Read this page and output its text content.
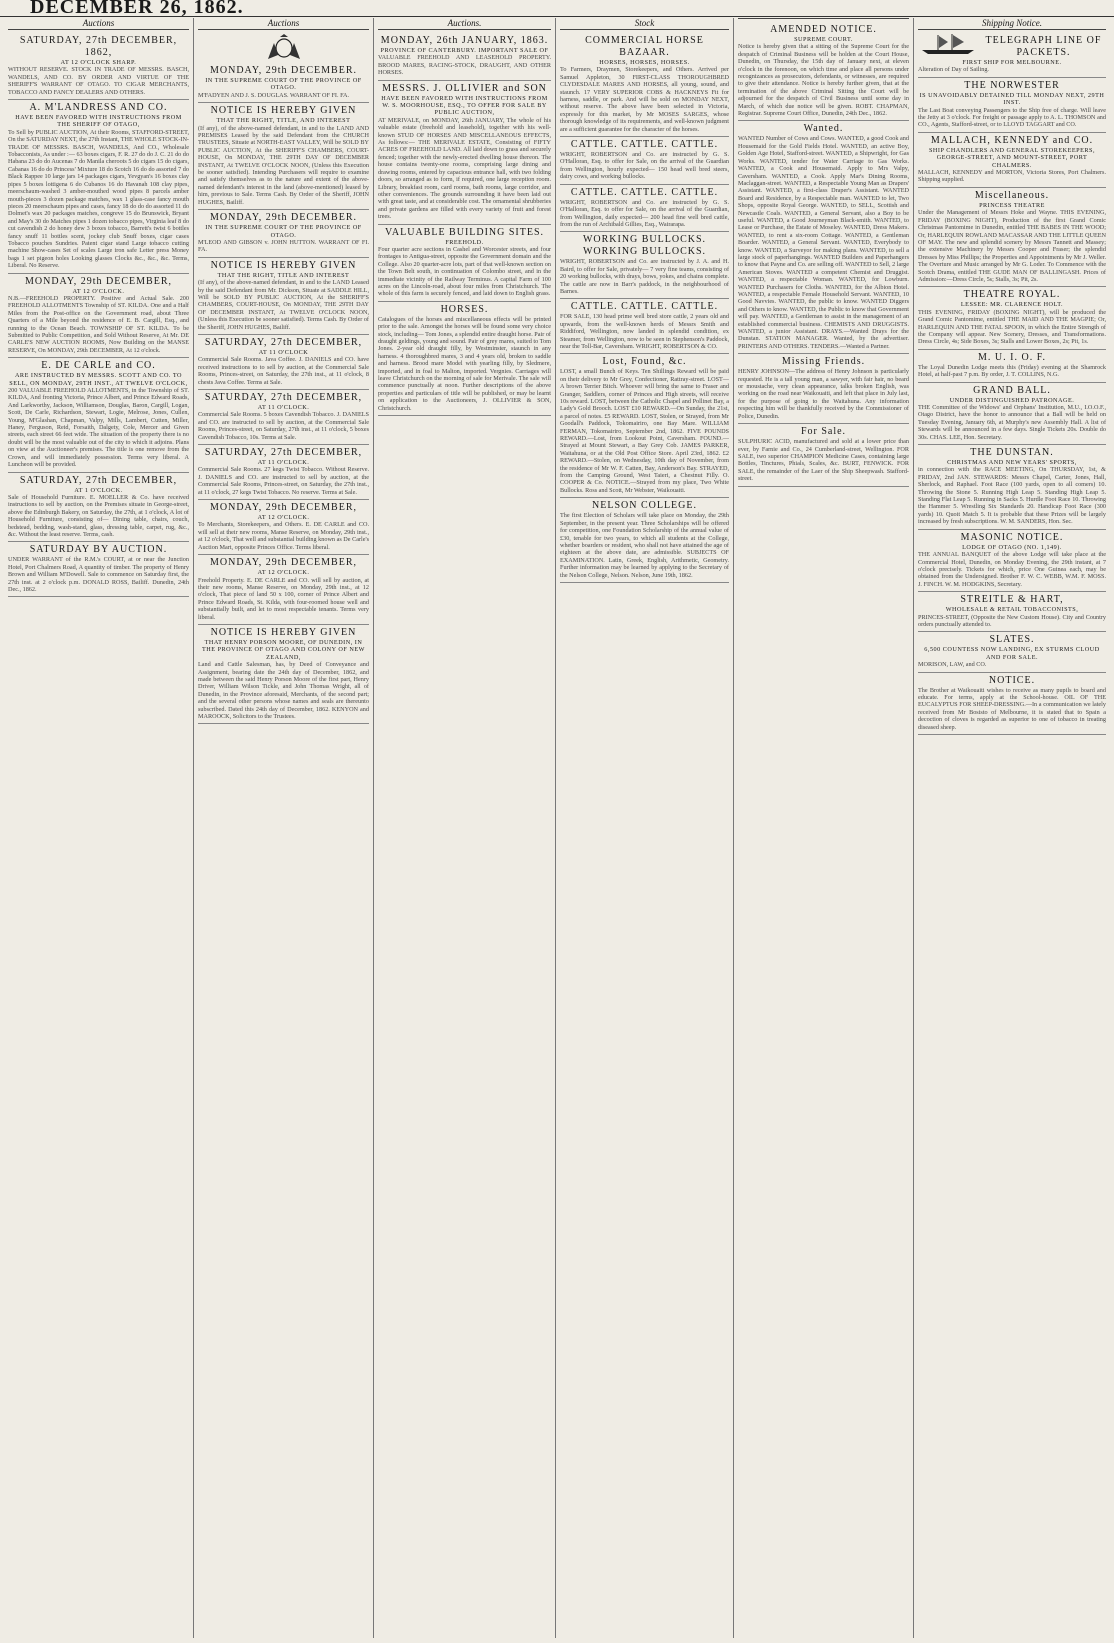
DECEMBER 26, 1862.
Auctions
SATURDAY, 27th DECEMBER, 1862,
AT 12 O'CLOCK SHARP.
WITHOUT RESERVE. STOCK IN TRADE OF MESSRS. BASCH, WANDELS, AND CO. BY ORDER AND VIRTUE OF THE SHERIFF'S WARRANT OF OTAGO. TO CIGAR MERCHANTS, TOBACCO AND FANCY DEALERS AND OTHERS.
A. M'LANDRESS AND CO.
HAVE BEEN FAVORED WITH INSTRUCTIONS FROM THE SHERIFF OF OTAGO,
To Sell by PUBLIC AUCTION, At their Rooms, STAFFORD-STREET, On the SATURDAY NEXT, the 27th Instant, THE WHOLE STOCK-IN-TRADE OF MESSRS. BASCH, WANDELS, And CO., Wholesale Tobacconists, As under :— 63 boxes cigars, F. R. 27 do do J. C. 21 do do Habana 23 do do Aucenas 7 do Manila cheroots 5 do cigars 15 do cigars, Cabanas 16 do do Princess' Mixture 18 do Scotch 16 do do assorted 7 do Black Rappee 10 large jars 14 packages cigars, Yevgyan's 16 boxes clay pipes 5 boxes lottigena 6 do Cubanos 16 do Havanah 108 clay pipes, meerschaum-washed 3 amber-mouthed wood pipes 8 parcels amber mouth-pieces 3 dozen package matches, wax 1 glass-case fancy mouth pieces 20 meerschaum pipes and cases, fancy 18 do do do assorted 11 do Dolmet's wax 20 packages matches, congreve 15 do Brunswick, Bryant and May's 30 do Matches pipes 1 dozen tobacco pipes, Virginia leaf 8 do cut cavendish 2 do honey dew 3 boxes tobacco, Barrett's twist 6 bottles fancy snuff 11 bottles scent, jockey club Snuff boxes, cigar cases Tobacco pouches Sundries. Patent cigar stand Large tobacco cutting machine Show-cases Set of scales Large iron safe Letter press Money bags 1 set pigeon holes Looking glasses Clocks &c., &c., &c. Terms, Liberal. No Reserve.
MONDAY, 29th DECEMBER,
AT 12 O'CLOCK.
N.B.—FREEHOLD PROPERTY. Positive and Actual Sale. 200 FREEHOLD ALLOTMENTS Township of ST. KILDA. One and a Half Miles from the Post-office on the Government road, about Three Quarters of a Mile beyond the residence of E. B. Cargill, Esq., and running to the Ocean Beach. TOWNSHIP OF ST. KILDA. To be Submitted to Public Competition, and Sold Without Reserve, At Mr. DE CARLE'S NEW AUCTION ROOMS, Now Building on the MANSE RESERVE, On MONDAY, 29th DECEMBER, At 12 o'clock.
E. DE CARLE and CO.
ARE INSTRUCTED BY MESSRS. SCOTT AND CO. TO SELL, ON MONDAY, 29TH INST., AT TWELVE O'CLOCK,
200 VALUABLE FREEHOLD ALLOTMENTS, in the Township of ST. KILDA, And fronting Victoria, Prince Albert, and Prince Edward Roads, And Larkworthy, Jackson, Williamson, Douglas, Baron, Cargill, Logan, Scott, De Carle, Richardson, Stewart, Logie, Melrose, Jones, Cullen, Young, M'Glashan, Chapman, Valpy, Mills, Lambert, Cutten, Miller, Haney, Ferguson, Reid, Forsaith, Dalgety, Cole, Mercer and Given streets, each street 66 feet wide. The situation of the property there is no doubt will be the most valuable out of the city to which it adjoins. Plans on view at the Auctioneer's premises. The title is one remove from the Crown, and will immediately possession. Terms very liberal. A Luncheon will be provided.
SATURDAY, 27th DECEMBER,
AT 1 O'CLOCK.
Sale of Household Furniture. E. MOELLER & Co. have received instructions to sell by auction, on the Premises situate in George-street, above the Edinburgh Bakery, on Saturday, the 27th, at 1 o'clock, A lot of Household Furniture, consisting of— Dining table, chairs, couch, bedstead, bedding, wash-stand, glass, dressing table, carpet, rug, &c., &c. Without the least reserve. Terms, cash.
SATURDAY BY AUCTION.
UNDER WARRANT of the R.M.'s COURT, at or near the Junction Hotel, Port Chalmers Road, A quantity of timber. The property of Henry Brown and William M'Dowell. Sale to commence on Saturday first, the 27th inst. at 2 o'clock p.m. DONALD ROSS, Bailiff. Dunedin, 24th Dec., 1862.
Auctions
MONDAY, 29th DECEMBER.
IN THE SUPREME COURT OF THE PROVINCE OF OTAGO.
M'FADYEN AND J. S. DOUGLAS. WARRANT OF FI. FA.
NOTICE IS HEREBY GIVEN
THAT THE RIGHT, TITLE, AND INTEREST
(If any), of the above-named defendant, in and to the LAND AND PREMISES Leased by the said Defendant from the CHURCH TRUSTEES, Situate at NORTH-EAST VALLEY, Will be SOLD BY PUBLIC AUCTION, At the SHERIFF'S CHAMBERS, COURT-HOUSE, On MONDAY, THE 29TH DAY OF DECEMBER INSTANT, At TWELVE O'CLOCK NOON, (Unless this Execution be sooner satisfied). Intending Purchasers will require to examine and satisfy themselves as to the nature and extent of the above-named defendant's interest in the land (above-mentioned) leased by him, previous to Sale. Terms Cash. By Order of the Sheriff, JOHN HUGHES, Bailiff.
MONDAY, 29th DECEMBER.
IN THE SUPREME COURT OF THE PROVINCE OF OTAGO.
M'LEOD AND GIBSON v. JOHN HUTTON. WARRANT OF FI. FA.
NOTICE IS HEREBY GIVEN
THAT THE RIGHT, TITLE AND INTEREST
(If any), of the above-named defendant, in and to the LAND Leased by the said Defendant from Mr. Dickson, Situate at SADDLE HILL, Will be SOLD BY PUBLIC AUCTION, At the SHERIFF'S CHAMBERS, COURT-HOUSE, On MONDAY, THE 29TH DAY OF DECEMBER INSTANT, At TWELVE O'CLOCK NOON, (Unless this Execution be sooner satisfied). Terms Cash. By Order of the Sheriff, JOHN HUGHES, Bailiff.
SATURDAY, 27th DECEMBER,
AT 11 O'CLOCK
Commercial Sale Rooms. Java Coffee. J. DANIELS and CO. have received instructions to to sell by auction, at the Commercial Sale Rooms, Princes-street, on Saturday, the 27th inst., at 11 o'clock, 8 chests Java Coffee. Terms at Sale.
SATURDAY, 27th DECEMBER,
AT 11 O'CLOCK.
Commercial Sale Rooms. 5 boxes Cavendish Tobacco. J. DANIELS and CO. are instructed to sell by auction, at the Commercial Sale Rooms, Princes-street, on Saturday, 27th inst., at 11 o'clock, 5 boxes Cavendish Tobacco, 10s. Terms at Sale.
SATURDAY, 27th DECEMBER,
AT 11 O'CLOCK.
Commercial Sale Rooms. 27 kegs Twist Tobacco. Without Reserve. J. DANIELS and CO. are instructed to sell by auction, at the Commercial Sale Rooms, Princes-street, on Saturday, the 27th inst., at 11 o'clock, 27 kegs Twist Tobacco. No reserve. Terms at Sale.
MONDAY, 29th DECEMBER,
AT 12 O'CLOCK.
To Merchants, Storekeepers, and Others. E. DE CARLE and CO. will sell at their new rooms, Manse Reserve, on Monday, 29th inst., at 12 o'clock, That well and substantial building known as De Carle's Auction Mart, opposite Princes Office. Terms liberal.
MONDAY, 29th DECEMBER,
AT 12 O'CLOCK.
Freehold Property. E. DE CARLE and CO. will sell by auction, at their new rooms, Manse Reserve, on Monday, 29th inst., at 12 o'clock, That piece of land 50 x 100, corner of Prince Albert and Prince Edward Roads, St. Kilda, with four-roomed house well and substantially built, and let to most respectable tenants. Terms very liberal.
NOTICE IS HEREBY GIVEN
THAT HENRY PORSON MOORE, OF DUNEDIN, IN THE PROVINCE OF OTAGO AND COLONY OF NEW ZEALAND,
Land and Cattle Salesman, has, by Deed of Conveyance and Assignment, bearing date the 24th day of December, 1862, and made between the said Henry Porson Moore of the first part, Henry Driver, William Wilson Tickle, and John Thomas Wright, all of Dunedin, in the Province aforesaid, Merchants, of the second part; and the several other persons whose names and seals are thereunto subscribed. Dated this 24th day of December, 1862. KENYON and MAROOCK, Solicitors to the Trustees.
Auctions.
MONDAY, 26th JANUARY, 1863.
PROVINCE OF CANTERBURY. IMPORTANT SALE OF
VALUABLE FREEHOLD AND LEASEHOLD PROPERTY. BROOD MARES, RACING-STOCK, DRAUGHT, AND OTHER HORSES.
MESSRS. J. OLLIVIER and SON
HAVE BEEN FAVORED WITH INSTRUCTIONS FROM W. S. MOORHOUSE, ESQ., TO OFFER FOR SALE BY PUBLIC AUCTION,
AT MERIVALE, on MONDAY, 26th JANUARY, The whole of his valuable estate (freehold and leasehold), together with his well-known STUD OF HORSES AND MISCELLANEOUS EFFECTS, As follows:— THE MERIVALE ESTATE, Consisting of FIFTY ACRES OF FREEHOLD LAND. All laid down to grass and securely fenced; together with the newly-erected dwelling house thereon. The house contains twenty-one rooms, comprising large dining and drawing rooms, entered by capacious entrance hall, with two folding doors, so arranged as to form, if required, one large reception room. Library, breakfast room, card rooms, bath rooms, large corridor, and other conveniences. The grounds surrounding it have been laid out with great taste, and at considerable cost. The ornamental shrubberies and private gardens are filled with every variety of fruit and forest trees.
VALUABLE BUILDING SITES.
FREEHOLD.
Four quarter acre sections in Cashel and Worcester streets, and four frontages to Antigua-street, opposite the Government domain and the College. Also 20 quarter-acre lots, part of that well-known section on the Town Belt south, in continuation of Colombo street, and in the immediate vicinity of the Railway Terminus. A capital Farm of 100 acres on the Lincoln-road, about four miles from Christchurch. The whole of this farm is securely fenced, and laid down to English grass.
HORSES.
Catalogues of the horses and miscellaneous effects will be printed prior to the sale. Amongst the horses will be found some very choice stock, including— Tom Jones, a splendid entire draught horse. Pair of draught geldings, young and sound. Pair of grey mares, suited to Tom Jones. 2-year old draught filly, by Westminster, staunch in any harness. 4 thoroughbred mares, 3 and 4 years old, broken to saddle and harness. Brood mare Model with yearling filly, by Sledmere, imported, and in foal to Malton, imported. Vergnies. Carriages will leave Christchurch on the morning of sale for Merivale. The sale will commence punctually at noon. Further descriptions of the above properties and particulars of title will be published, or may be learnt on application to the Auctioneers, J. OLLIVIER & SON, Christchurch.
Stock
COMMERCIAL HORSE BAZAAR.
HORSES, HORSES, HORSES.
To Farmers, Draymen, Storekeepers, and Others. Arrived per Samuel Appleton, 30 FIRST-CLASS THOROUGHBRED CLYDESDALE MARES AND HORSES, all young, sound, and staunch. 17 VERY SUPERIOR COBS & HACKNEYS Fit for harness, saddle, or park. And will be sold on MONDAY NEXT, without reserve. The above have been selected in Victoria, expressly for this market, by Mr MOSES SARGES, whose thorough knowledge of its requirements, and well-known judgment are a sufficient guarantee for the character of the horses.
CATTLE. CATTLE. CATTLE.
WRIGHT, ROBERTSON and Co. are instructed by G. S. O'Halloran, Esq. to offer for Sale, on the arrival of the Guardian from Wellington, hourly expected— 150 head well bred steers, dairy cows, and working bullocks.
CATTLE. CATTLE. CATTLE.
WRIGHT, ROBERTSON and Co. are instructed by G. S. O'Halloran, Esq. to offer for Sale, on the arrival of the Guardian, from Wellington, daily expected— 200 head fine well bred cattle, from the run of Archibald Gillies, Esq., Wairarapa.
WORKING BULLOCKS. WORKING BULLOCKS.
WRIGHT, ROBERTSON and Co. are instructed by J. A. and H. Baird, to offer for Sale, privately— 7 very fine teams, consisting of 20 working bullocks, with drays, bows, yokes, and chains complete. The cattle are now in Barr's paddock, in the neighbourhood of Barnes.
CATTLE. CATTLE. CATTLE.
FOR SALE, 130 head prime well bred store cattle, 2 years old and upwards, from the well-known herds of Messrs Smith and Riddiford, Wellington, now landed in splendid condition, ex Steamer, from Wellington, now to be seen in Stephenson's Paddock, near the Toll-Bar, Caversham. WRIGHT, ROBERTSON & CO.
Lost, Found, &c.
LOST, a small Bunch of Keys. Ten Shillings Reward will be paid on their delivery to Mr Grey, Confectioner, Rattray-street. LOST—A brown Terrier Bitch. Whoever will bring the same to Fraser and Granger, Saddlers, corner of Princes and High streets, will receive 10s reward. LOST, between the Catholic Chapel and Pollinet Bay, a Lady's Gold Brooch. LOST £10 REWARD.—On Sunday, the 21st, a parcel of notes. £5 REWARD. LOST, Stolen, or Strayed, from Mr Goodall's Paddock, Tokomairiro, one Bay Mare. WILLIAM FERMAN, Tokomairiro, September 2nd, 1862. FIVE POUNDS REWARD.—Lost, from Lookout Point, Caversham. FOUND.—Strayed at Mount Stewart, a Bay Grey Cob. JAMES PARKER, Waitahuna, or at the Old Post Office Store. April 23rd, 1862. £2 REWARD.—Stolen, on Wednesday, 10th day of November, from the residence of Mr W. F. Catten, Bay, Anderson's Bay. STRAYED, from the Camping Ground, West Taieri, a Chestnut Filly. O. COOPER & Co. NOTICE.—Strayed from my place, Two White Bullocks. Ross and Scott, Mr Webster, Waikouaiti.
NELSON COLLEGE.
The first Election of Scholars will take place on Monday, the 29th September, in the present year. Three Scholarships will be offered for competition, one Foundation Scholarship of the annual value of £30, tenable for two years, to which all students at the College, whether boarders or resident, who shall not have attained the age of eighteen at the above date, are admissible. SUBJECTS OF EXAMINATION. Latin, Greek, English, Arithmetic, Geometry. Further information may be learned by applying to the Secretary of the Nelson College, Nelson. Nelson, June 19th, 1862.
AMENDED NOTICE.
SUPREME COURT.
Notice is hereby given that a sitting of the Supreme Court for the despatch of Criminal Business will be holden at the Court House, Dunedin, on Thursday, the 15th day of January next, at eleven o'clock in the forenoon, on which time and place all persons under recognizances as prosecutors, defendants, or witnesses, are required to give their attendance. Notice is hereby further given, that at the termination of the above Criminal Sitting the Court will be adjourned for the despatch of Civil Business until some day in March, of which due notice will be given. ROBT. CHAPMAN, Registrar. Supreme Court Office, Dunedin, 24th Dec., 1862.
Wanted.
WANTED Number of Cows and Cows. WANTED, a good Cook and Housemaid for the Gold Fields Hotel. WANTED, an active Boy, Golden Age Hotel, Stafford-street. WANTED, a Shipwright, for Gas Works. WANTED, tender for Water Carriage to Gas Works. WANTED, a Cook and Housemaid. Apply to Mrs Valpy, Caversham. WANTED, a Cook. Apply Mar's Dining Rooms, Maclaggan-street. WANTED, a Respectable Young Man as Drapers' Assistant. WANTED, a first-class Draper's Assistant. WANTED Board and Residence, by a Respectable man. WANTED to let, Two Shops, opposite Royal George. WANTED, to SELL, Scottish and Newcastle Coals. WANTED, a General Servant, also a Boy to be useful. WANTED, a Good Journeyman Black-smith. WANTED, to Lease or Purchase, the Estate of Moseley. WANTED, Dress Makers. WANTED, to rent a six-room Cottage. WANTED, a Gentleman Boarder. WANTED, a General Servant. WANTED, Everybody to know. WANTED, a Surveyor for making plans. WANTED, to sell a large stock of paperhangings. WANTED Builders and Paperhangers to know that Payne and Co. are selling off. WANTED to Sell, 2 large American Stoves. WANTED a competent Chemist and Druggist. WANTED, a respectable Woman. WANTED, for Lowburn. WANTED Purchasers for Cloths. WANTED, for the Albion Hotel. WANTED, a respectable Female Household Servant. WANTED, 10 Good Navvies. WANTED, the public to know. WANTED Diggers and Others to know. WANTED, the Public to know that Government will pay. WANTED, a Gentleman to assist in the management of an established commercial business. CHEMISTS AND DRUGGISTS. WANTED, a junior Assistant. DRAYS.—Wanted Drays for the Dunstan. STATION MANAGER. Wanted, by the advertiser. PRINTERS AND OTHERS. TENDERS.—Wanted a Partner.
Missing Friends.
HENRY JOHNSON—The address of Henry Johnson is particularly requested. He is a tall young man, a sawyer, with fair hair, no beard or moustache, very clean appearance, talks broken English, was working on the road near Waikouaiti, and left that place in July last, for the purpose of going to the Waitahuna. Any information respecting him will be thankfully received by the Commissioner of Police, Dunedin.
For Sale.
SULPHURIC ACID, manufactured and sold at a lower price than ever, by Farnie and Co., 24 Cumberland-street, Wellington. FOR SALE, two superior CHAMPION Medicine Cases, containing large Bottles, Tinctures, Phials, Scales, &c. BURT, FENWICK. FOR SALE, the remainder of the Laer of the Ship Sheepwash. Stafford-street.
Shipping Notice.
TELEGRAPH LINE OF PACKETS.
FIRST SHIP FOR MELBOURNE.
Alteration of Day of Sailing.
THE NORWESTER
IS UNAVOIDABLY DETAINED TILL MONDAY NEXT, 29TH INST.
The Last Boat conveying Passengers to the Ship free of charge. Will leave the Jetty at 3 o'clock. For freight or passage apply to A. L. THOMSON and CO., Agents, Stafford-street, or to LLOYD TAGGART and CO.
MALLACH, KENNEDY and CO.
SHIP CHANDLERS AND GENERAL STOREKEEPERS, GEORGE-STREET, AND MOUNT-STREET, PORT CHALMERS.
MALLACH, KENNEDY and MORTON, Victoria Stores, Port Chalmers. Shipping supplied.
Miscellaneous.
PRINCESS THEATRE
Under the Management of Messrs Hoke and Wayne. THIS EVENING, FRIDAY (BOXING NIGHT), Production of the first Grand Comic Christmas Pantomime in Dunedin, entitled THE BABES IN THE WOOD; Or, HARLEQUIN ROWLAND MACASSAR AND THE LITTLE QUEEN OF MAY. The new and splendid scenery by Messrs Tannett and Massey; the extensive Machinery by Messrs Cooper and Fraser; the splendid Dresses by Miss Phillips; the Properties and Appointments by Mr J. Weller. The Overture and Music arranged by Mr G. Loder. To Commence with the Scotch Drama, entitled THE GUDE MAN OF BALLINGASH. Prices of Admission:—Dress Circle, 5s; Stalls, 3s; Pit, 2s.
THEATRE ROYAL.
LESSEE: MR. CLARENCE HOLT.
THIS EVENING, FRIDAY (BOXING NIGHT), will be produced the Grand Comic Pantomime, entitled THE MAID AND THE MAGPIE; Or, HARLEQUIN AND THE FATAL SPOON, in which the Entire Strength of the Company will appear. New Scenery, Dresses, and Transformations. Dress Circle, 4s; Side Boxes, 3s; Stalls and Lower Boxes, 2s; Pit, 1s.
M. U. I. O. F.
The Loyal Dunedin Lodge meets this (Friday) evening at the Shamrock Hotel, at half-past 7 p.m. By order, J. T. COLLINS, N.G.
GRAND BALL.
UNDER DISTINGUISHED PATRONAGE.
THE Committee of the Widows' and Orphans' Institution, M.U., I.O.O.F., Otago District, have the honor to announce that a Ball will be held on Tuesday Evening, January 6th, at Murphy's new Assembly Hall. A list of Stewards will be announced in a few days. Single Tickets 20s. Double do 30s. CHAS. LEE, Hon. Secretary.
THE DUNSTAN.
CHRISTMAS AND NEW YEARS' SPORTS,
in connection with the RACE MEETING, On THURSDAY, 1st, & FRIDAY, 2nd JAN. STEWARDS: Messrs Chapel, Carter, Jones, Hall, Sherlock, and Raphael. Foot Race (100 yards, open to all comers) 10. Throwing the Stone 5. Running High Leap 5. Standing High Leap 5. Standing Flat Leap 5. Running in Sacks 5. Hurdle Foot Race 10. Throwing the Hammer 5. Wrestling Six Standards 20. Handicap Foot Race (300 yards) 10. Quoit Match 5. It is probable that these Prizes will be largely increased by fresh subscriptions. W. M. SANDERS, Hon. Sec.
MASONIC NOTICE.
LODGE OF OTAGO (NO. 1,149).
THE ANNUAL BANQUET of the above Lodge will take place at the Commercial Hotel, Dunedin, on Monday Evening, the 29th instant, at 7 o'clock precisely. Tickets for which, price One Guinea each, may be obtained from the Undersigned. Brother F. W. C. WEBB, W.M. F. MOSS. J. FINCH. W. M. HODGKINS, Secretary.
STREITLE & HART,
WHOLESALE & RETAIL TOBACCONISTS,
PRINCES-STREET, (Opposite the New Custom House). City and Country orders punctually attended to.
SLATES.
6,500 COUNTESS NOW LANDING, EX STURMS CLOUD AND FOR SALE.
MORISON, LAW, and CO.
NOTICE.
The Brother at Waikouaiti wishes to receive as many pupils to board and educate. For terms, apply at the School-house. OIL OF THE EUCALYPTUS FOR SHEEP-DRESSING.—In a communication we lately received from Mr Bosisto of Melbourne, it is stated that to Spain a decoction of cloves is regarded as superior to one of tobacco in treating diseased sheep.
